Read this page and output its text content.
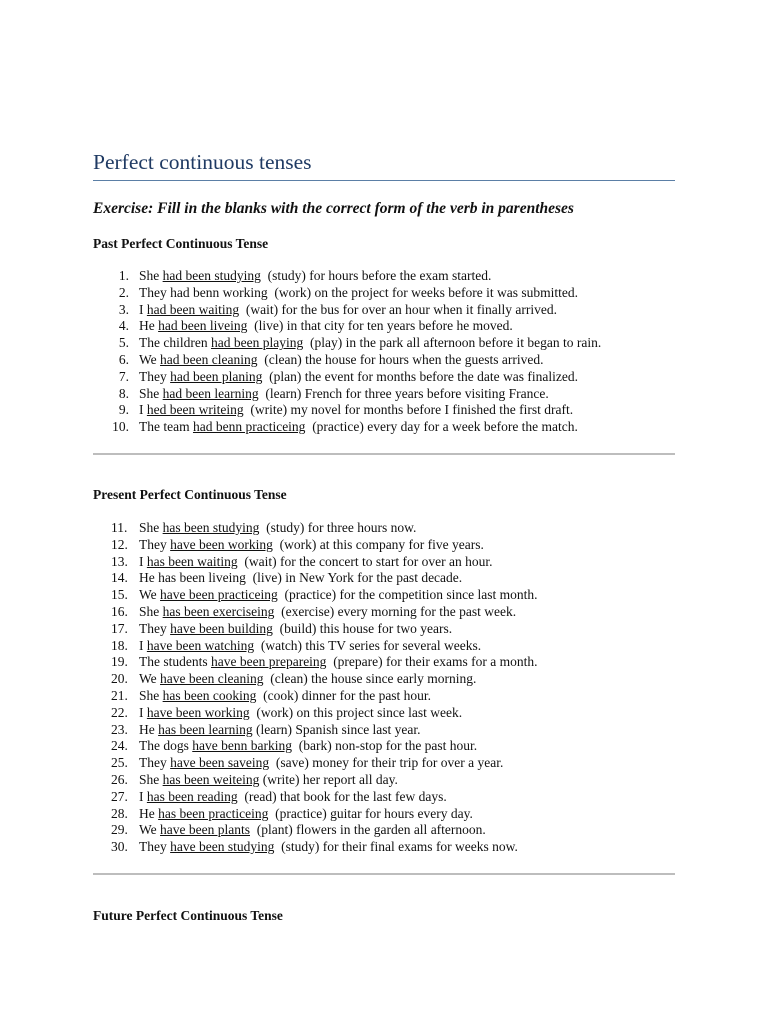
Perfect continuous tenses
Exercise: Fill in the blanks with the correct form of the verb in parentheses
Past Perfect Continuous Tense
1. She had been studying  (study) for hours before the exam started.
2. They had benn working  (work) on the project for weeks before it was submitted.
3. I had been waiting  (wait) for the bus for over an hour when it finally arrived.
4. He had been liveing  (live) in that city for ten years before he moved.
5. The children had been playing  (play) in the park all afternoon before it began to rain.
6. We had been cleaning  (clean) the house for hours when the guests arrived.
7. They had been planing  (plan) the event for months before the date was finalized.
8. She had been learning  (learn) French for three years before visiting France.
9. I hed been writeing  (write) my novel for months before I finished the first draft.
10. The team had benn practiceing  (practice) every day for a week before the match.
Present Perfect Continuous Tense
11. She has been studying  (study) for three hours now.
12. They have been working  (work) at this company for five years.
13. I has been waiting  (wait) for the concert to start for over an hour.
14. He has been liveing  (live) in New York for the past decade.
15. We have been practiceing  (practice) for the competition since last month.
16. She has been exerciseing  (exercise) every morning for the past week.
17. They have been building  (build) this house for two years.
18. I have been watching  (watch) this TV series for several weeks.
19. The students have been prepareing  (prepare) for their exams for a month.
20. We have been cleaning  (clean) the house since early morning.
21. She has been cooking  (cook) dinner for the past hour.
22. I have been working  (work) on this project since last week.
23. He has been learning (learn) Spanish since last year.
24. The dogs have benn barking  (bark) non-stop for the past hour.
25. They have been saveing  (save) money for their trip for over a year.
26. She has been weiteing (write) her report all day.
27. I has been reading  (read) that book for the last few days.
28. He has been practiceing  (practice) guitar for hours every day.
29. We have been plants  (plant) flowers in the garden all afternoon.
30. They have been studying  (study) for their final exams for weeks now.
Future Perfect Continuous Tense
